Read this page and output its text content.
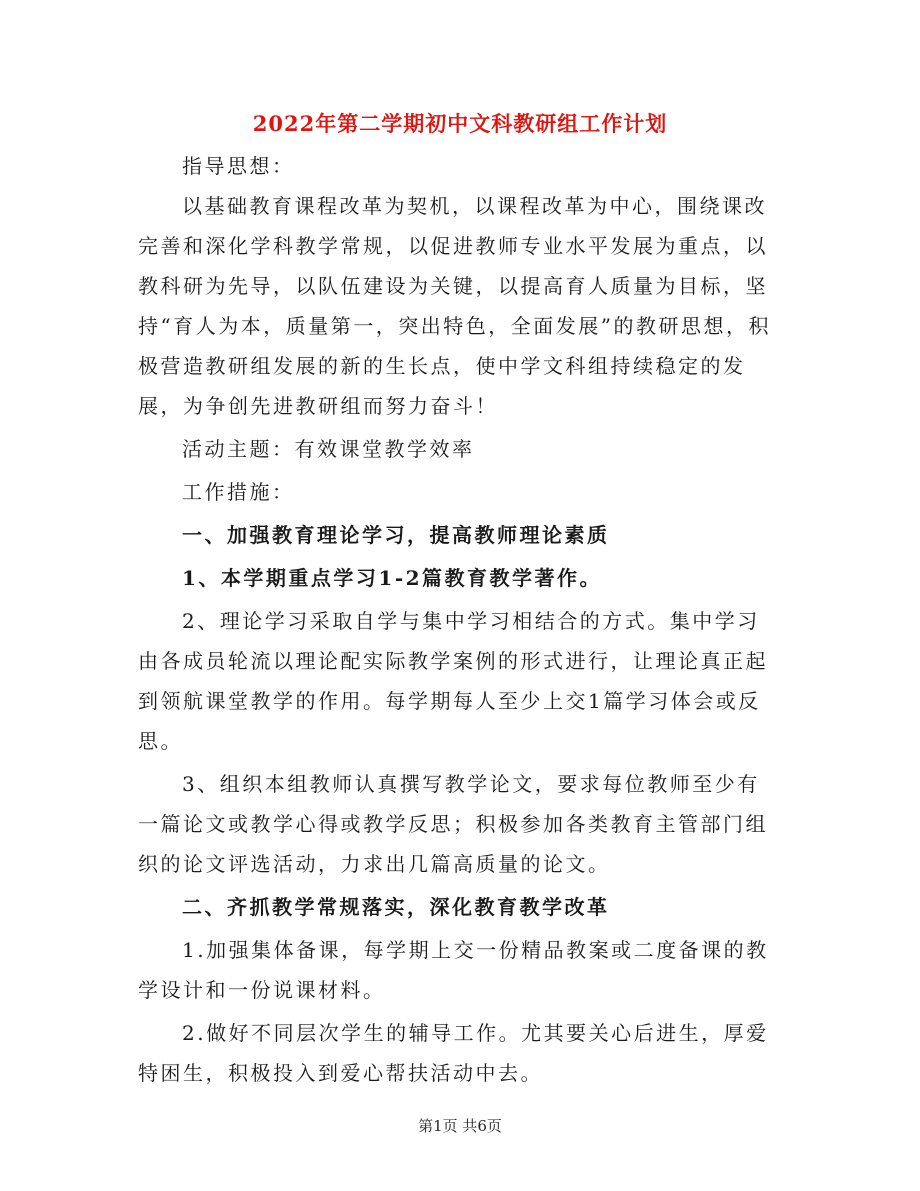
2022年第二学期初中文科教研组工作计划

指导思想：

以基础教育课程改革为契机，以课程改革为中心，围绕课改完善和深化学科教学常规，以促进教师专业水平发展为重点，以教科研为先导，以队伍建设为关键，以提高育人质量为目标，坚持“育人为本，质量第一，突出特色，全面发展”的教研思想，积极营造教研组发展的新的生长点，使中学文科组持续稳定的发展，为争创先进教研组而努力奋斗！

活动主题：有效课堂教学效率

工作措施：

一、加强教育理论学习，提高教师理论素质

1、本学期重点学习1-2篇教育教学著作。

2、理论学习采取自学与集中学习相结合的方式。集中学习由各成员轮流以理论配实际教学案例的形式进行，让理论真正起到领航课堂教学的作用。每学期每人至少上交1篇学习体会或反思。

3、组织本组教师认真撰写教学论文，要求每位教师至少有一篇论文或教学心得或教学反思；积极参加各类教育主管部门组织的论文评选活动，力求出几篇高质量的论文。

二、齐抓教学常规落实，深化教育教学改革

1.加强集体备课，每学期上交一份精品教案或二度备课的教学设计和一份说课材料。

2.做好不同层次学生的辅导工作。尤其要关心后进生，厚爱特困生，积极投入到爱心帮扶活动中去。

第1页 共6页
